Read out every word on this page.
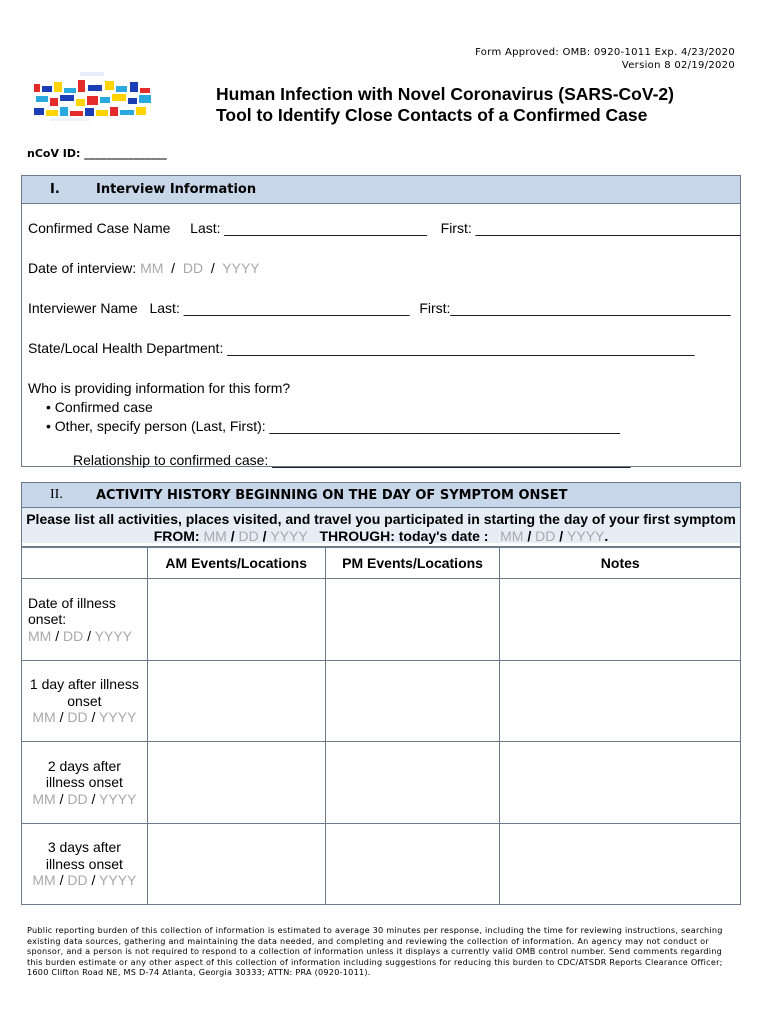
Form Approved: OMB: 0920-1011 Exp. 4/23/2020
Version 8 02/19/2020
Human Infection with Novel Coronavirus (SARS-CoV-2)
Tool to Identify Close Contacts of a Confirmed Case
nCoV ID: _______________
I.	Interview Information
Confirmed Case Name Last: __________________________ First: __________________________________
Date of interview: MM / DD / YYYY
Interviewer Name Last: _____________________________ First:____________________________________
State/Local Health Department: ____________________________________________________________
Who is providing information for this form?
• Confirmed case
• Other, specify person (Last, First): _____________________________________________
Relationship to confirmed case: ______________________________________________
II.	ACTIVITY HISTORY BEGINNING ON THE DAY OF SYMPTOM ONSET
Please list all activities, places visited, and travel you participated in starting the day of your first symptom
FROM: MM / DD / YYYY THROUGH: today's date : MM / DD / YYYY.
	AM Events/Locations	PM Events/Locations	Notes

Date of illness
onset:
MM / DD / YYYY			

1 day after illness
onset
MM / DD / YYYY			

2 days after
illness onset
MM / DD / YYYY			

3 days after
illness onset
MM / DD / YYYY			

Public reporting burden of this collection of information is estimated to average 30 minutes per response, including the time for reviewing instructions, searching existing data sources, gathering and maintaining the data needed, and completing and reviewing the collection of information. An agency may not conduct or sponsor, and a person is not required to respond to a collection of information unless it displays a currently valid OMB control number. Send comments regarding this burden estimate or any other aspect of this collection of information including suggestions for reducing this burden to CDC/ATSDR Reports Clearance Officer; 1600 Clifton Road NE, MS D-74 Atlanta, Georgia 30333; ATTN: PRA (0920-1011).
